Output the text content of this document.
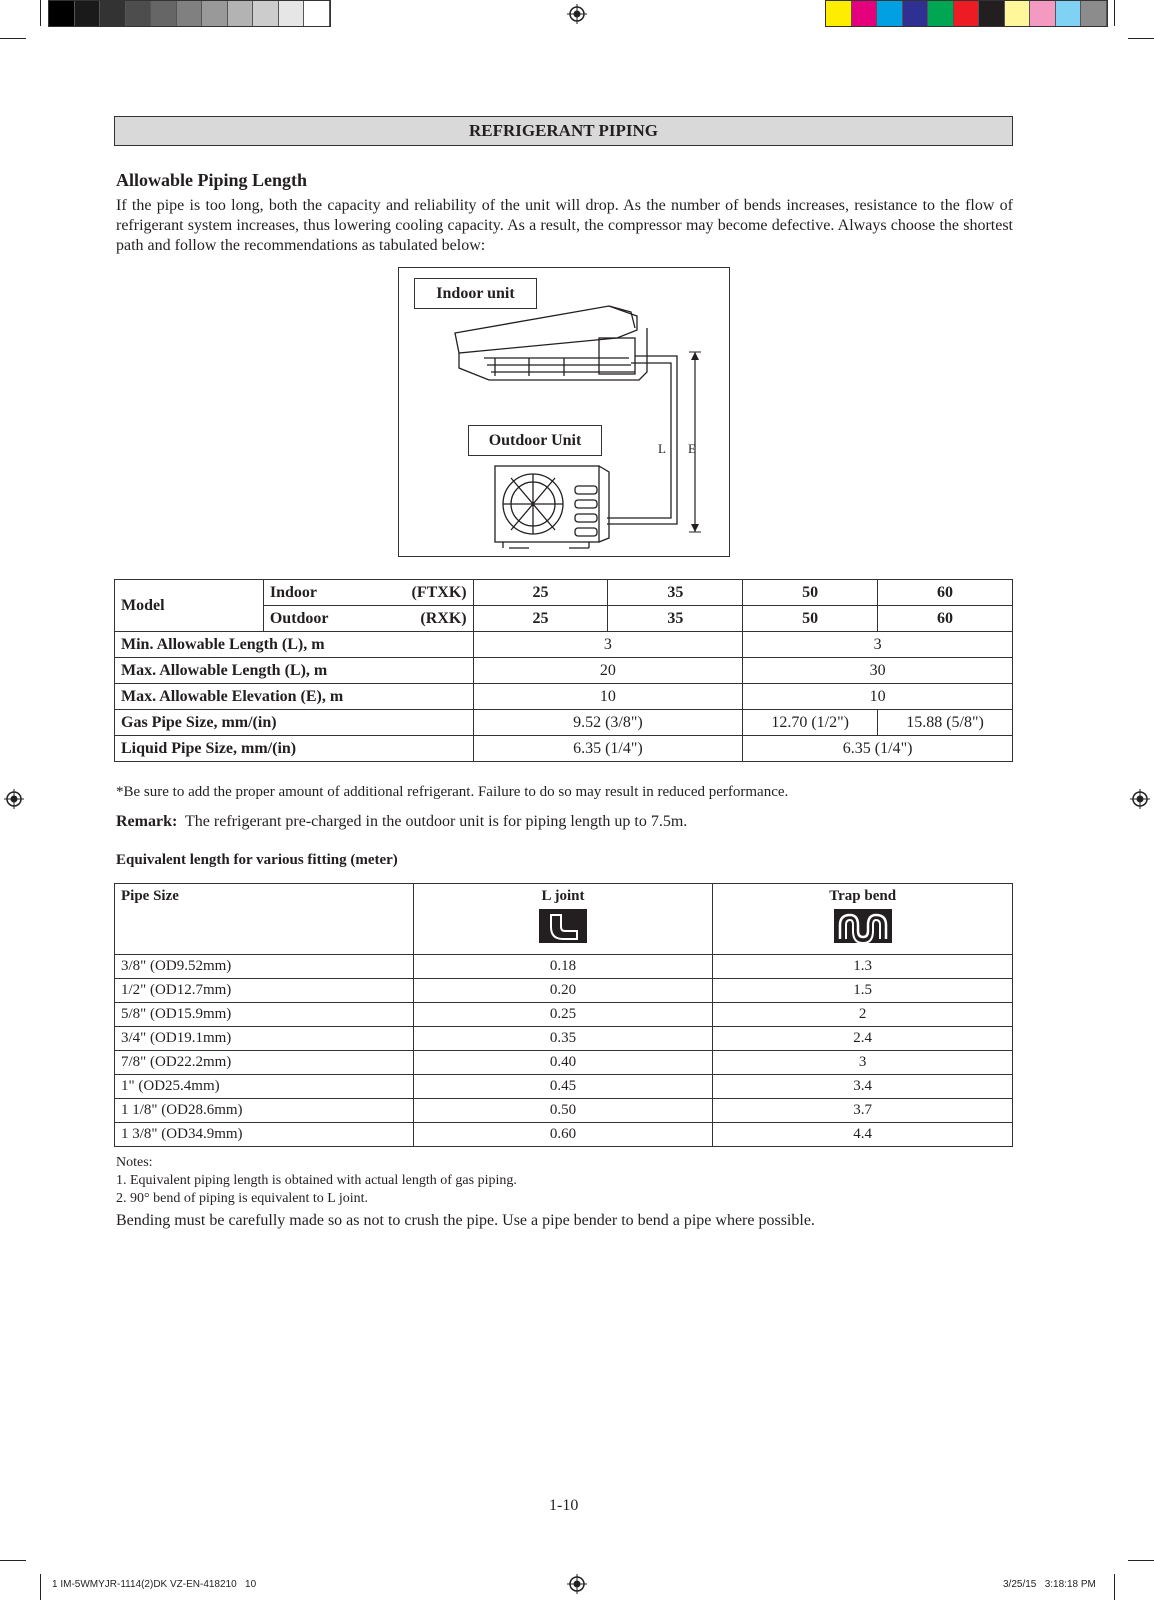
REFRIGERANT PIPING
Allowable Piping Length

If the pipe is too long, both the capacity and reliability of the unit will drop. As the number of bends increases, resistance to the flow of refrigerant system increases, thus lowering cooling capacity. As a result, the compressor may become defective. Always choose the shortest path and follow the recommendations as tabulated below:

Indoor unit
Outdoor Unit	L E
Model	Indoor (FTXK)	25	35	50	60
	Outdoor (RXK)	25	35	50	60
Min. Allowable Length (L), m		3		3	
Max. Allowable Length (L), m		20		30	
Max. Allowable Elevation (E), m		10		10	
Gas Pipe Size, mm/(in)		9.52 (3/8")		12.70 (1/2")	15.88 (5/8")
Liquid Pipe Size, mm/(in)		6.35 (1/4")		6.35 (1/4")	
*Be sure to add the proper amount of additional refrigerant. Failure to do so may result in reduced performance.
Remark: The refrigerant pre-charged in the outdoor unit is for piping length up to 7.5m.
Equivalent length for various fitting (meter)
Pipe Size	L joint	Trap bend

3/8" (OD9.52mm)	0.18	1.3
1/2" (OD12.7mm)	0.20	1.5
5/8" (OD15.9mm)	0.25	2
3/4" (OD19.1mm)	0.35	2.4
7/8" (OD22.2mm)	0.40	3
1" (OD25.4mm)	0.45	3.4
1 1/8" (OD28.6mm)	0.50	3.7
1 3/8" (OD34.9mm)	0.60	4.4
Notes:
1. Equivalent piping length is obtained with actual length of gas piping.
2. 90° bend of piping is equivalent to L joint.
Bending must be carefully made so as not to crush the pipe. Use a pipe bender to bend a pipe where possible.
1-10
1 IM-5WMYJR-1114(2)DK VZ-EN-418210   10	3/25/15   3:18:18 PM
